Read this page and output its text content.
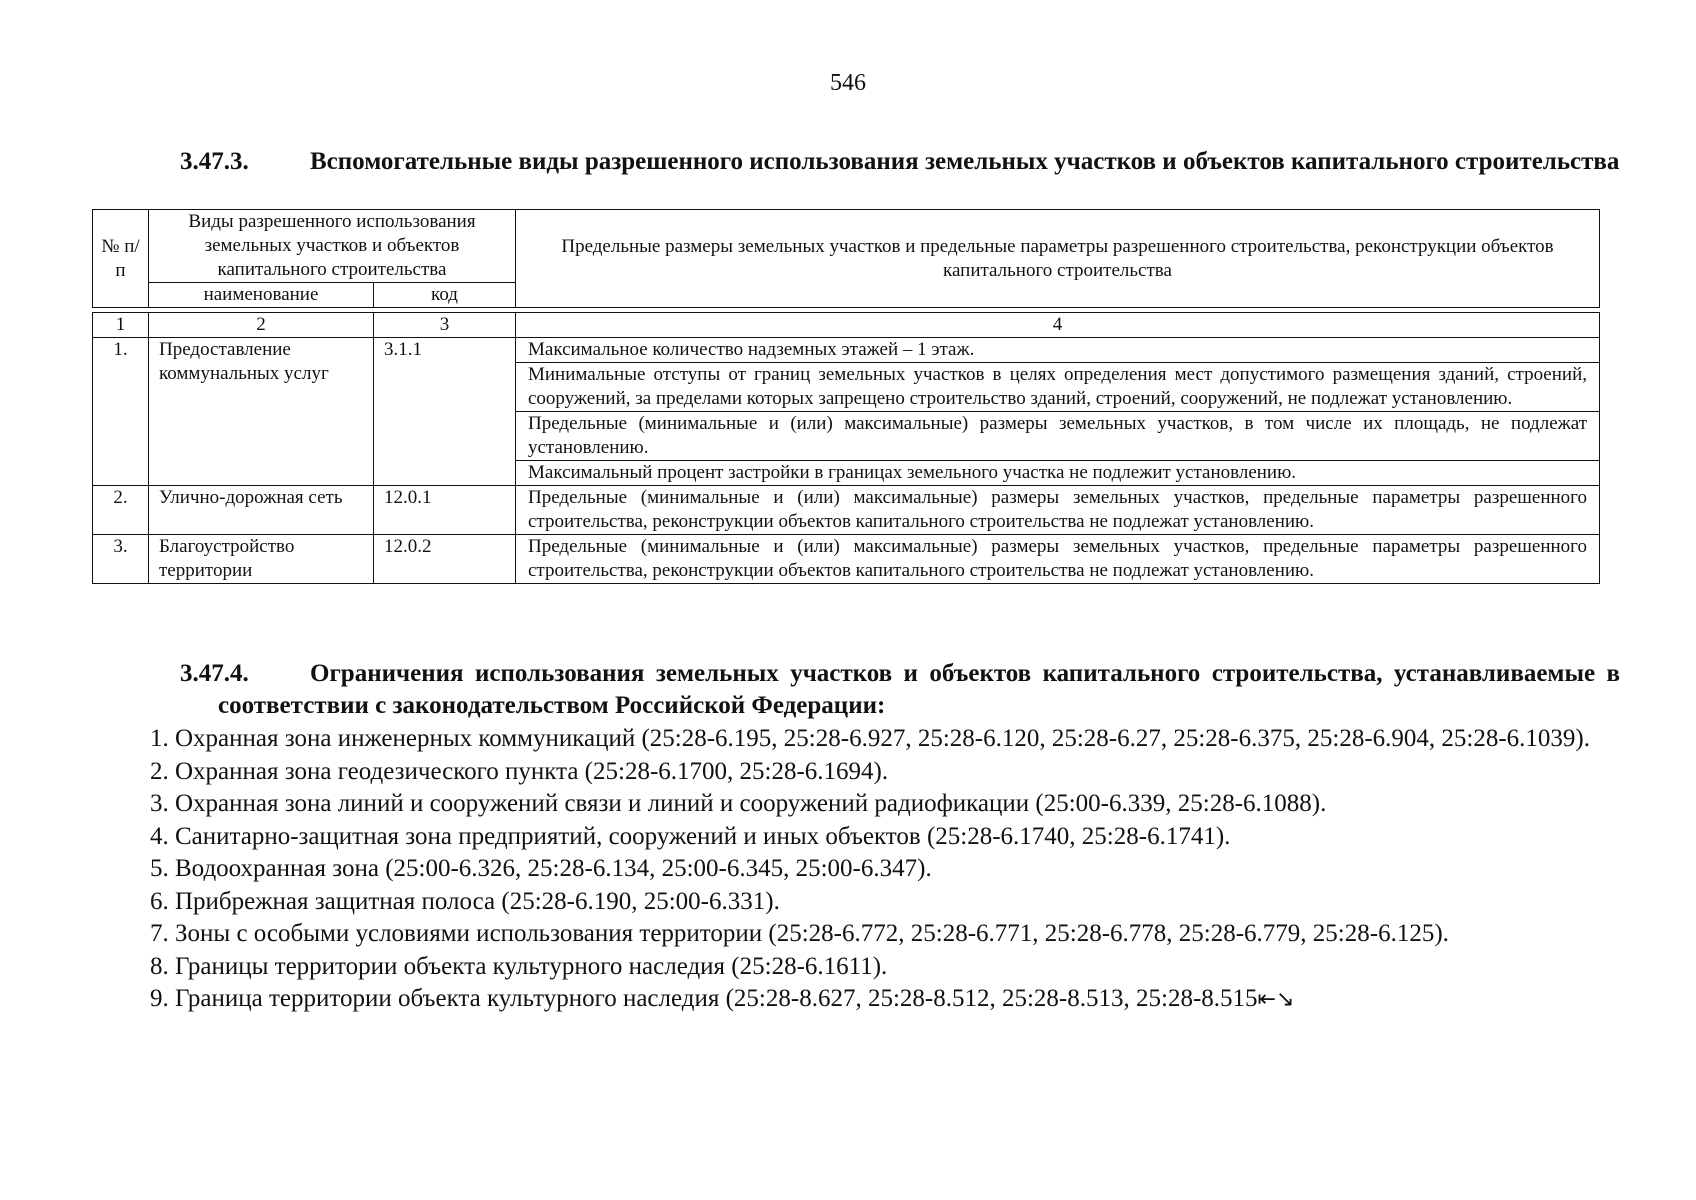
546
3.47.3.	Вспомогательные виды разрешенного использования земельных участков и объектов капитального строительства
№ п/п	Виды разрешенного использования земельных участков и объектов капитального строительства		Предельные размеры земельных участков и предельные параметры разрешенного строительства, реконструкции объектов капитального строительства
	наименование	код	

1	2	3	4
1.	Предоставление коммунальных услуг	3.1.1	Максимальное количество надземных этажей – 1 этаж.
			Минимальные отступы от границ земельных участков в целях определения мест допустимого размещения зданий, строений, сооружений, за пределами которых запрещено строительство зданий, строений, сооружений, не подлежат установлению.
			Предельные (минимальные и (или) максимальные) размеры земельных участков, в том числе их площадь, не подлежат установлению.
			Максимальный процент застройки в границах земельного участка не подлежит установлению.
2.	Улично-дорожная сеть	12.0.1	Предельные (минимальные и (или) максимальные) размеры земельных участков, предельные параметры разрешенного строительства, реконструкции объектов капитального строительства не подлежат установлению.
3.	Благоустройство территории	12.0.2	Предельные (минимальные и (или) максимальные) размеры земельных участков, предельные параметры разрешенного строительства, реконструкции объектов капитального строительства не подлежат установлению.
3.47.4.	Ограничения использования земельных участков и объектов капитального строительства, устанавливаемые в соответствии с законодательством Российской Федерации:
1. Охранная зона инженерных коммуникаций (25:28-6.195, 25:28-6.927, 25:28-6.120, 25:28-6.27, 25:28-6.375, 25:28-6.904, 25:28-6.1039).
2. Охранная зона геодезического пункта (25:28-6.1700, 25:28-6.1694).
3. Охранная зона линий и сооружений связи и линий и сооружений радиофикации (25:00-6.339, 25:28-6.1088).
4. Санитарно-защитная зона предприятий, сооружений и иных объектов (25:28-6.1740, 25:28-6.1741).
5. Водоохранная зона (25:00-6.326, 25:28-6.134, 25:00-6.345, 25:00-6.347).
6. Прибрежная защитная полоса (25:28-6.190, 25:00-6.331).
7. Зоны с особыми условиями использования территории (25:28-6.772, 25:28-6.771, 25:28-6.778, 25:28-6.779, 25:28-6.125).
8. Границы территории объекта культурного наследия (25:28-6.1611).
9. Граница территории объекта культурного наследия (25:28-8.627, 25:28-8.512, 25:28-8.513, 25:28-8.515⇤↘
